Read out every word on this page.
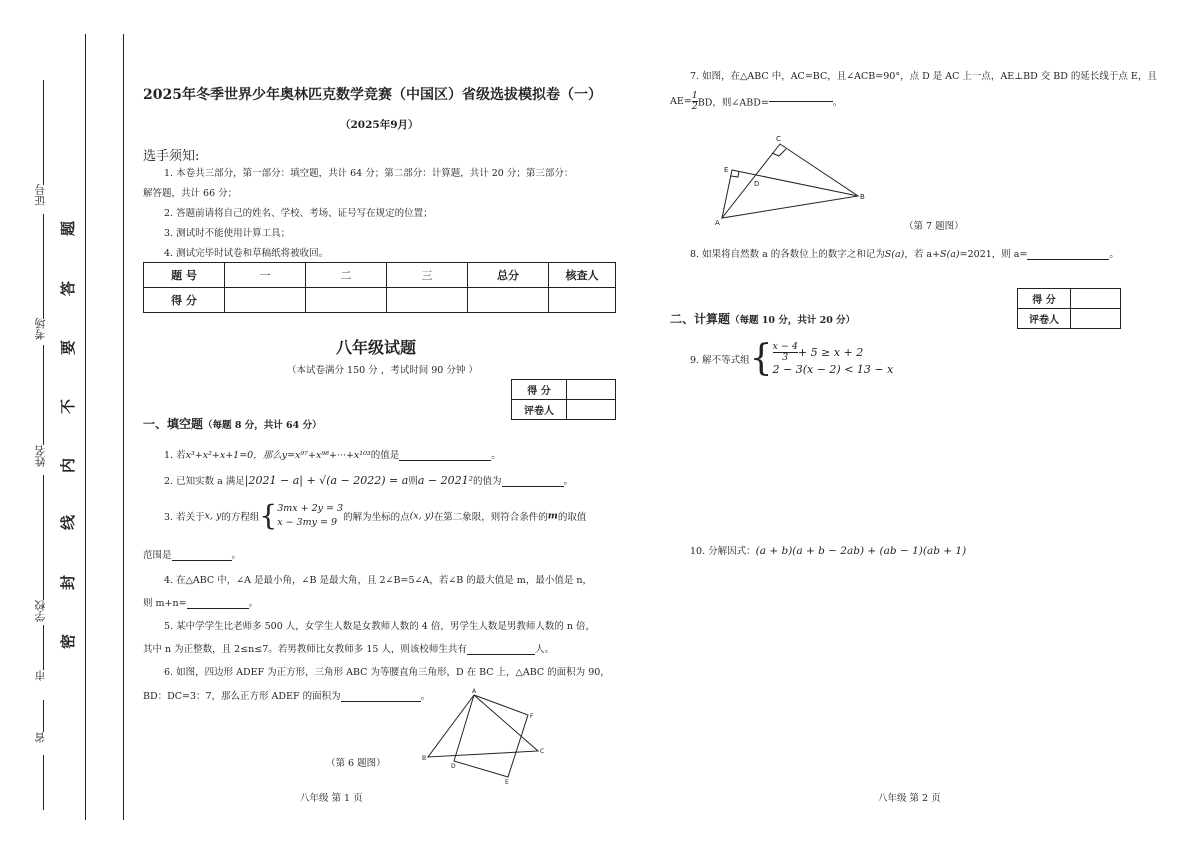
证号
考场
姓名
学校
市
省
题
答
要
不
内
线
封
密
2025年冬季世界少年奥林匹克数学竞赛（中国区）省级选拔模拟卷（一）
（2025年9月）
选手须知:
1. 本卷共三部分，第一部分：填空题，共计 64 分；第二部分：计算题，共计 20 分；第三部分：
解答题，共计 66 分；
2. 答题前请将自己的姓名、学校、考场、证号写在规定的位置；
3. 测试时不能使用计算工具；
4. 测试完毕时试卷和草稿纸将被收回。
题 号	一	二	三	总分	核查人
得 分					
八年级试题
（本试卷满分 150 分 ，考试时间 90 分钟 ）
得 分	
评卷人	
一、填空题（每题 8 分，共计 64 分）
1. 若x³+x²+x+1=0，那么y=x⁹⁷+x⁹⁸+···+x¹⁰³的值是	。
2. 已知实数 a 满足|2021 − a| + √(a − 2022) = a则a − 2021²的值为	。
3. 若关于x, y的方程组{ 3mx + 2y = 3
x − 3my = 9 的解为坐标的点(x, y)在第二象限，则符合条件的m的取值
范围是	。
4. 在△ABC 中，∠A 是最小角，∠B 是最大角，且 2∠B=5∠A，若∠B 的最大值是 m，最小值是 n，
则 m+n=	。
5. 某中学学生比老师多 500 人，女学生人数是女教师人数的 4 倍，男学生人数是男教师人数的 n 倍，
其中 n 为正整数，且 2≤n≤7。若男教师比女教师多 15 人，则该校师生共有	人。
6. 如图，四边形 ADEF 为正方形，三角形 ABC 为等腰直角三角形，D 在 BC 上，△ABC 的面积为 90，
BD：DC=3：7，那么正方形 ADEF 的面积为	。	A
B
C
D
E
F
（第 6 题图）
八年级 第 1 页
7. 如图，在△ABC 中，AC=BC，且∠ACB=90°，点 D 是 AC 上一点，AE⊥BD 交 BD 的延长线于点 E，且
$AE= \frac{1}{2}$ BD，则∠ABD=	。
A
B
C
D
E
（第 7 题图）
8. 如果将自然数 a 的各数位上的数字之和记为S(a)，若 a+S(a)=2021，则 a=	。
得 分	
评卷人	
二、计算题（每题 10 分，共计 20 分）
9. 解不等式组{ $\frac{x - 4}{3} + 5 \ge x + 2$
2 − 3(x − 2) < 13 − x
10. 分解因式：(a + b)(a + b − 2ab) + (ab − 1)(ab + 1)
八年级 第 2 页
